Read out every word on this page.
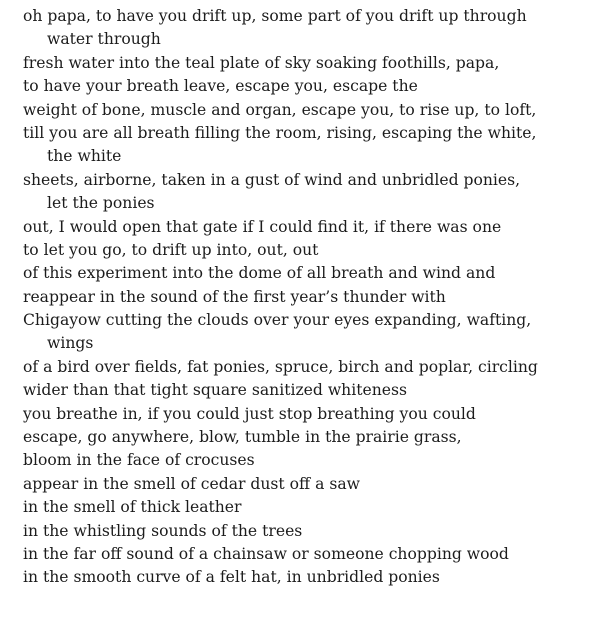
oh papa, to have you drift up, some part of you drift up through
water through
fresh water into the teal plate of sky soaking foothills, papa,
to have your breath leave, escape you, escape the
weight of bone, muscle and organ, escape you, to rise up, to loft,
till you are all breath filling the room, rising, escaping the white,
the white
sheets, airborne, taken in a gust of wind and unbridled ponies,
let the ponies
out, I would open that gate if I could find it, if there was one
to let you go, to drift up into, out, out
of this experiment into the dome of all breath and wind and
reappear in the sound of the first year’s thunder with
Chigayow cutting the clouds over your eyes expanding, wafting,
wings
of a bird over fields, fat ponies, spruce, birch and poplar, circling
wider than that tight square sanitized whiteness
you breathe in, if you could just stop breathing you could
escape, go anywhere, blow, tumble in the prairie grass,
bloom in the face of crocuses
appear in the smell of cedar dust off a saw
in the smell of thick leather
in the whistling sounds of the trees
in the far off sound of a chainsaw or someone chopping wood
in the smooth curve of a felt hat, in unbridled ponies
